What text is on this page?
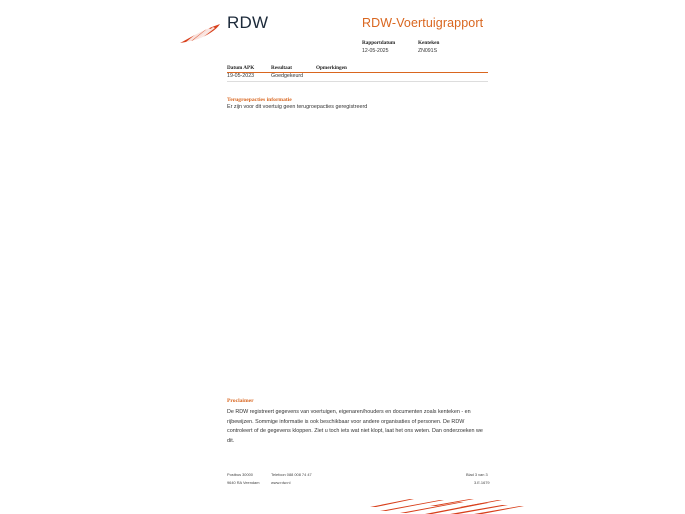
RDW	RDW-Voertuigrapport
Rapportdatum
12-05-2025
Kenteken
ZN091S
Datum APK	Resultaat	Opmerkingen
19-05-2023	Goedgekeurd
Terugroepacties informatie
Er zijn voor dit voertuig geen terugroepacties geregistreerd
Proclaimer
De RDW registreert gegevens van voertuigen, eigenaren/houders en documenten zoals kenteken - en rijbewijzen. Sommige informatie is ook beschikbaar voor andere organisaties of personen. De RDW controleert of de gegevens kloppen. Ziet u toch iets wat niet klopt, laat het ons weten. Dan onderzoeken we dit.
Postbus 30000
9640 RA Veendam
Telefoon 088 008 74 47
www.rdw.nl
Blad 3 van 3
3.E.1679
